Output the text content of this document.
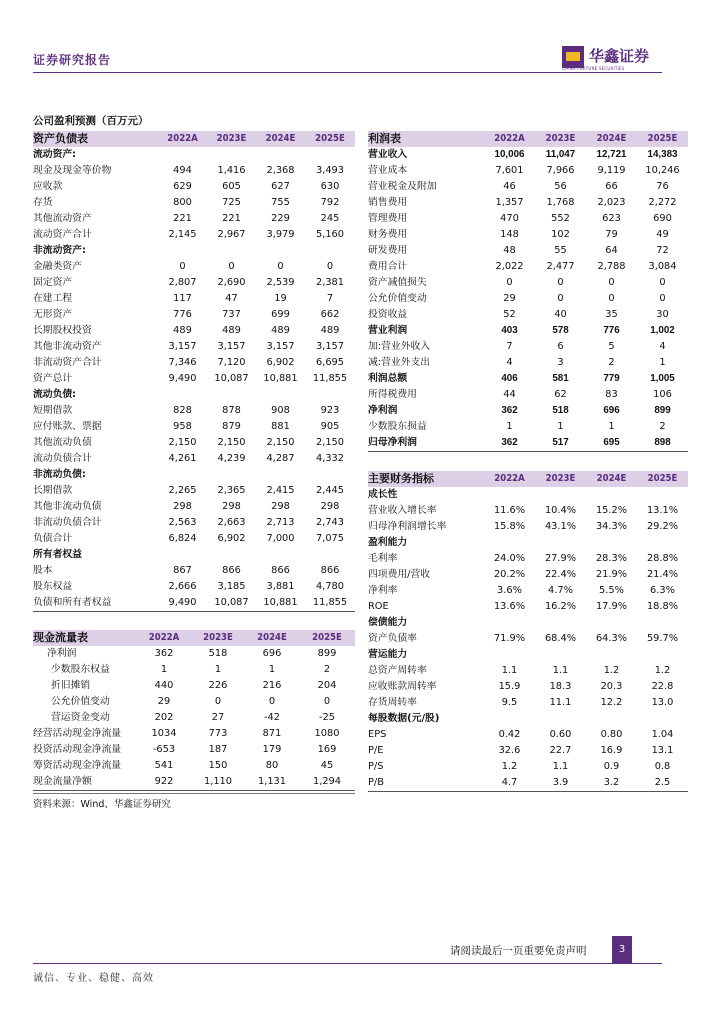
证券研究报告	华鑫证券
CHINA FORTUNE SECURITIES
公司盈利预测（百万元）
资产负债表	2022A	2023E	2024E	2025E
流动资产:				
现金及现金等价物	494	1,416	2,368	3,493
应收款	629	605	627	630
存货	800	725	755	792
其他流动资产	221	221	229	245
流动资产合计	2,145	2,967	3,979	5,160
非流动资产:				
金融类资产	0	0	0	0
固定资产	2,807	2,690	2,539	2,381
在建工程	117	47	19	7
无形资产	776	737	699	662
长期股权投资	489	489	489	489
其他非流动资产	3,157	3,157	3,157	3,157
非流动资产合计	7,346	7,120	6,902	6,695
资产总计	9,490	10,087	10,881	11,855
流动负债:				
短期借款	828	878	908	923
应付账款、票据	958	879	881	905
其他流动负债	2,150	2,150	2,150	2,150
流动负债合计	4,261	4,239	4,287	4,332
非流动负债:				
长期借款	2,265	2,365	2,415	2,445
其他非流动负债	298	298	298	298
非流动负债合计	2,563	2,663	2,713	2,743
负债合计	6,824	6,902	7,000	7,075
所有者权益				
股本	867	866	866	866
股东权益	2,666	3,185	3,881	4,780
负债和所有者权益	9,490	10,087	10,881	11,855
利润表	2022A	2023E	2024E	2025E
营业收入	10,006	11,047	12,721	14,383
营业成本	7,601	7,966	9,119	10,246
营业税金及附加	46	56	66	76
销售费用	1,357	1,768	2,023	2,272
管理费用	470	552	623	690
财务费用	148	102	79	49
研发费用	48	55	64	72
费用合计	2,022	2,477	2,788	3,084
资产减值损失	0	0	0	0
公允价值变动	29	0	0	0
投资收益	52	40	35	30
营业利润	403	578	776	1,002
加:营业外收入	7	6	5	4
减:营业外支出	4	3	2	1
利润总额	406	581	779	1,005
所得税费用	44	62	83	106
净利润	362	518	696	899
少数股东损益	1	1	1	2
归母净利润	362	517	695	898
主要财务指标	2022A	2023E	2024E	2025E
成长性				
营业收入增长率	11.6%	10.4%	15.2%	13.1%
归母净利润增长率	15.8%	43.1%	34.3%	29.2%
盈利能力				
毛利率	24.0%	27.9%	28.3%	28.8%
四项费用/营收	20.2%	22.4%	21.9%	21.4%
净利率	3.6%	4.7%	5.5%	6.3%
ROE	13.6%	16.2%	17.9%	18.8%
偿债能力				
资产负债率	71.9%	68.4%	64.3%	59.7%
营运能力				
总资产周转率	1.1	1.1	1.2	1.2
应收账款周转率	15.9	18.3	20.3	22.8
存货周转率	9.5	11.1	12.2	13.0
每股数据(元/股)				
EPS	0.42	0.60	0.80	1.04
P/E	32.6	22.7	16.9	13.1
P/S	1.2	1.1	0.9	0.8
P/B	4.7	3.9	3.2	2.5
现金流量表	2022A	2023E	2024E	2025E
净利润	362	518	696	899
少数股东权益	1	1	1	2
折旧摊销	440	226	216	204
公允价值变动	29	0	0	0
营运资金变动	202	27	-42	-25
经营活动现金净流量	1034	773	871	1080
投资活动现金净流量	-653	187	179	169
筹资活动现金净流量	541	150	80	45
现金流量净额	922	1,110	1,131	1,294
资料来源：Wind、华鑫证券研究
请阅读最后一页重要免责声明	3
诚信、专业、稳健、高效
